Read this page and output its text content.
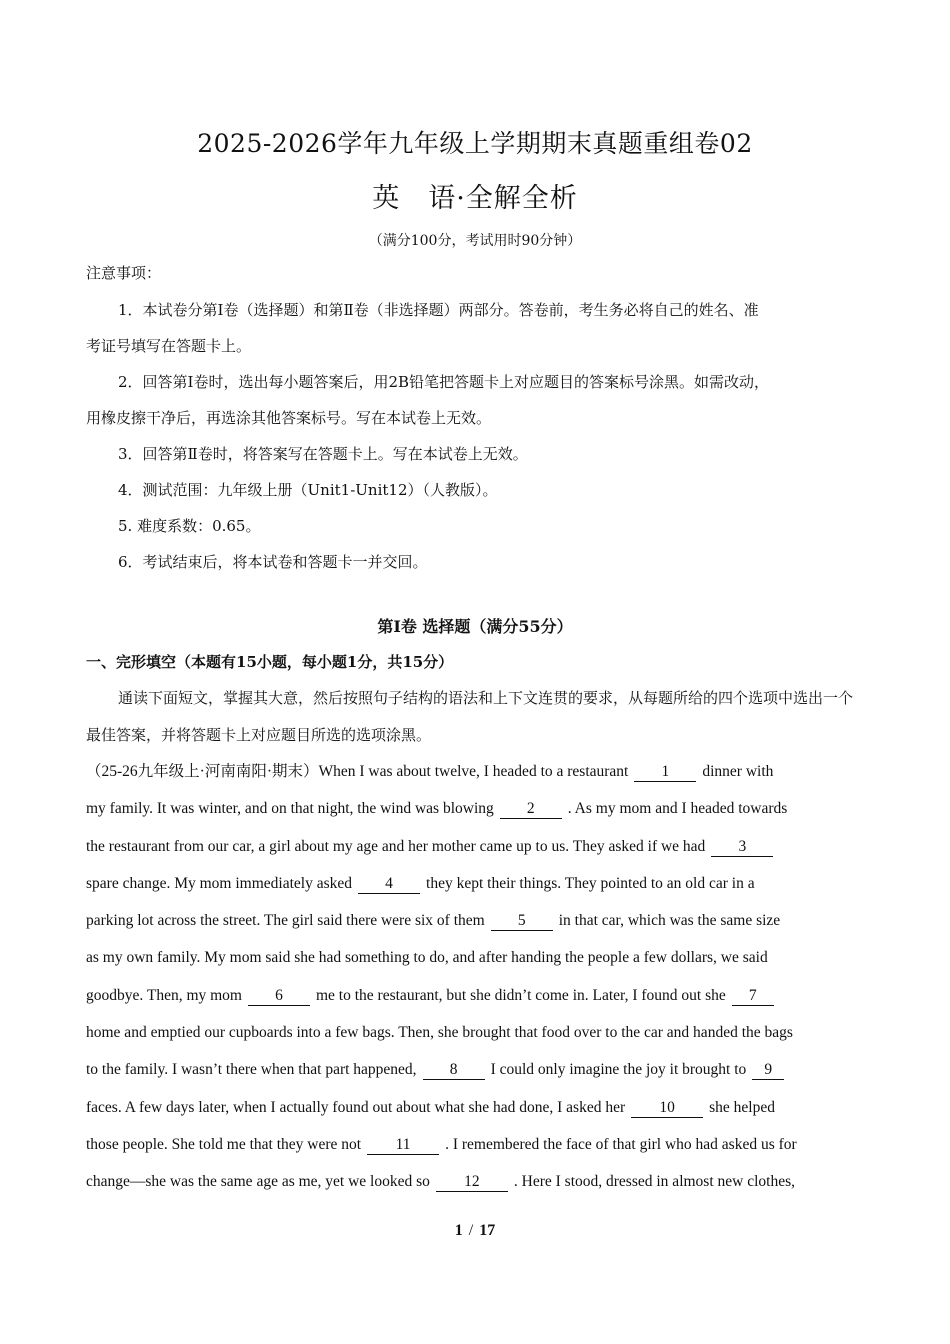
2025-2026学年九年级上学期期末真题重组卷02
英　语·全解全析
（满分100分，考试用时90分钟）
注意事项：
1．本试卷分第Ⅰ卷（选择题）和第Ⅱ卷（非选择题）两部分。答卷前，考生务必将自己的姓名、准
考证号填写在答题卡上。
2．回答第Ⅰ卷时，选出每小题答案后，用2B铅笔把答题卡上对应题目的答案标号涂黑。如需改动，
用橡皮擦干净后，再选涂其他答案标号。写在本试卷上无效。
3．回答第Ⅱ卷时，将答案写在答题卡上。写在本试卷上无效。
4．测试范围：九年级上册（Unit1-Unit12）（人教版）。
5. 难度系数：0.65。
6．考试结束后，将本试卷和答题卡一并交回。
第Ⅰ卷 选择题（满分55分）
一、完形填空（本题有15小题，每小题1分，共15分）
通读下面短文，掌握其大意，然后按照句子结构的语法和上下文连贯的要求，从每题所给的四个选项中选出一个最佳答案，并将答题卡上对应题目所选的选项涂黑。
（25-26九年级上·河南南阳·期末）When I was about twelve, I headed to a restaurant 1 dinner with
my family. It was winter, and on that night, the wind was blowing 2 . As my mom and I headed towards
the restaurant from our car, a girl about my age and her mother came up to us. They asked if we had 3
spare change. My mom immediately asked 4 they kept their things. They pointed to an old car in a
parking lot across the street. The girl said there were six of them 5 in that car, which was the same size
as my own family. My mom said she had something to do, and after handing the people a few dollars, we said
goodbye. Then, my mom 6 me to the restaurant, but she didn’t come in. Later, I found out she 7
home and emptied our cupboards into a few bags. Then, she brought that food over to the car and handed the bags
to the family. I wasn’t there when that part happened, 8 I could only imagine the joy it brought to 9
faces. A few days later, when I actually found out about what she had done, I asked her 10 she helped
those people. She told me that they were not 11 . I remembered the face of that girl who had asked us for
change—she was the same age as me, yet we looked so 12 . Here I stood, dressed in almost new clothes,
1 / 17
